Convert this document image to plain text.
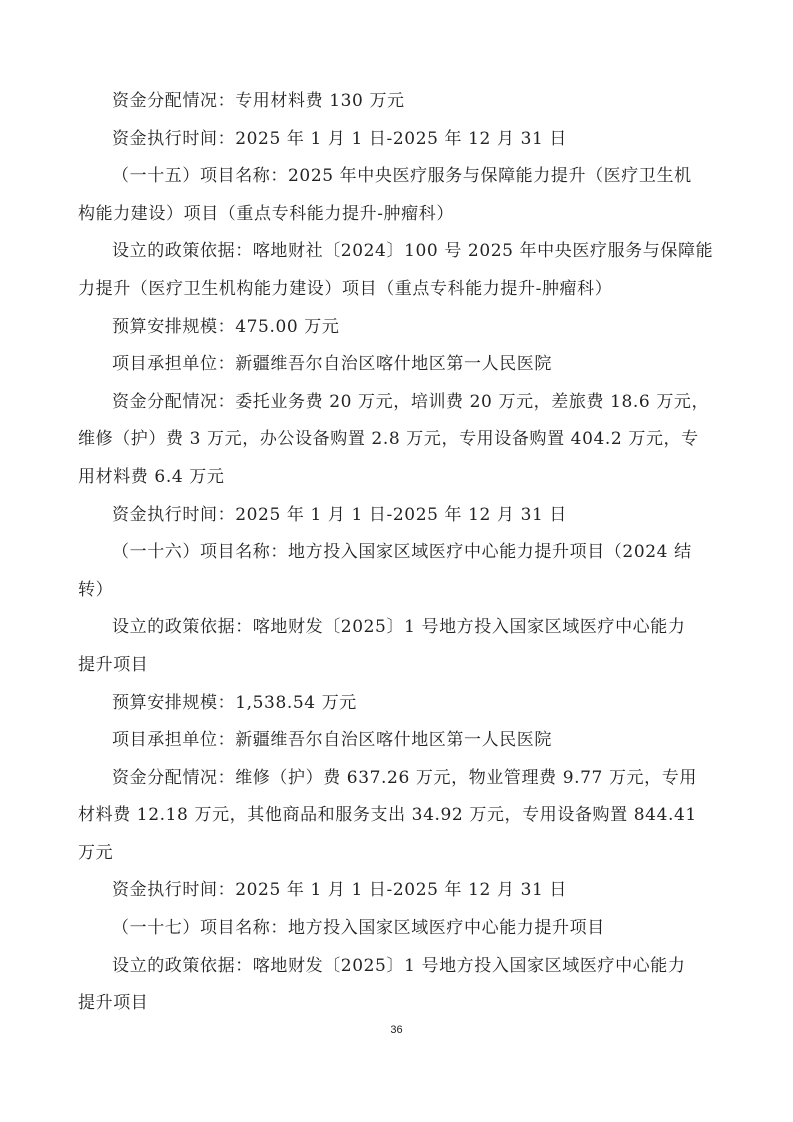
资金分配情况：专用材料费 130 万元

资金执行时间：2025 年 1 月 1 日-2025 年 12 月 31 日

（一十五）项目名称：2025 年中央医疗服务与保障能力提升（医疗卫生机

构能力建设）项目（重点专科能力提升-肿瘤科）

设立的政策依据：喀地财社〔2024〕100 号 2025 年中央医疗服务与保障能

力提升（医疗卫生机构能力建设）项目（重点专科能力提升-肿瘤科）

预算安排规模：475.00 万元

项目承担单位：新疆维吾尔自治区喀什地区第一人民医院

资金分配情况：委托业务费 20 万元，培训费 20 万元，差旅费 18.6 万元，

维修（护）费 3 万元，办公设备购置 2.8 万元，专用设备购置 404.2 万元，专

用材料费 6.4 万元

资金执行时间：2025 年 1 月 1 日-2025 年 12 月 31 日

（一十六）项目名称：地方投入国家区域医疗中心能力提升项目（2024 结

转）

设立的政策依据：喀地财发〔2025〕1 号地方投入国家区域医疗中心能力

提升项目

预算安排规模：1,538.54 万元

项目承担单位：新疆维吾尔自治区喀什地区第一人民医院

资金分配情况：维修（护）费 637.26 万元，物业管理费 9.77 万元，专用

材料费 12.18 万元，其他商品和服务支出 34.92 万元，专用设备购置 844.41

万元

资金执行时间：2025 年 1 月 1 日-2025 年 12 月 31 日

（一十七）项目名称：地方投入国家区域医疗中心能力提升项目

设立的政策依据：喀地财发〔2025〕1 号地方投入国家区域医疗中心能力

提升项目

36
